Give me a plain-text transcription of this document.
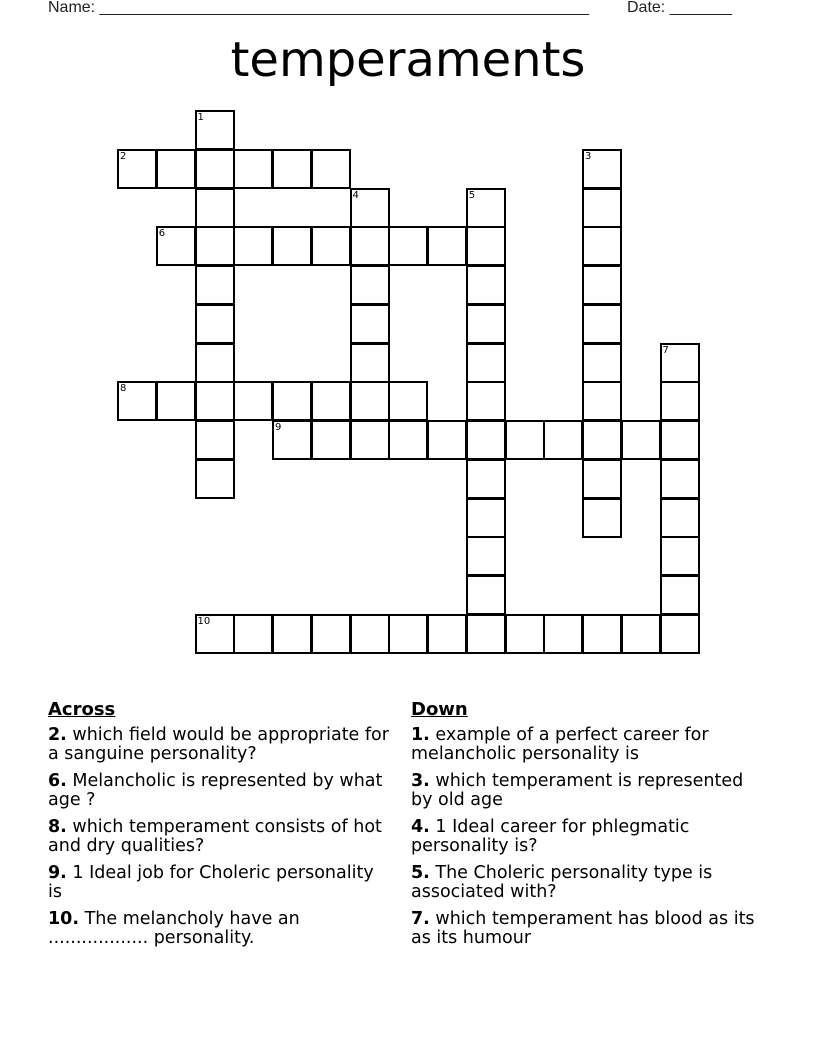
Name: _______________________________________________________ Date: _______
temperaments
1
2	3
4	5
6
7
8
9
10
Across
2. which field would be appropriate for a sanguine personality?
6. Melancholic is represented by what age ?
8. which temperament consists of hot and dry qualities?
9. 1 Ideal job for Choleric personality is
10. The melancholy have an .................. personality.
Down
1. example of a perfect career for melancholic personality is
3. which temperament is represented by old age
4. 1 Ideal career for phlegmatic personality is?
5. The Choleric personality type is associated with?
7. which temperament has blood as its as its humour
